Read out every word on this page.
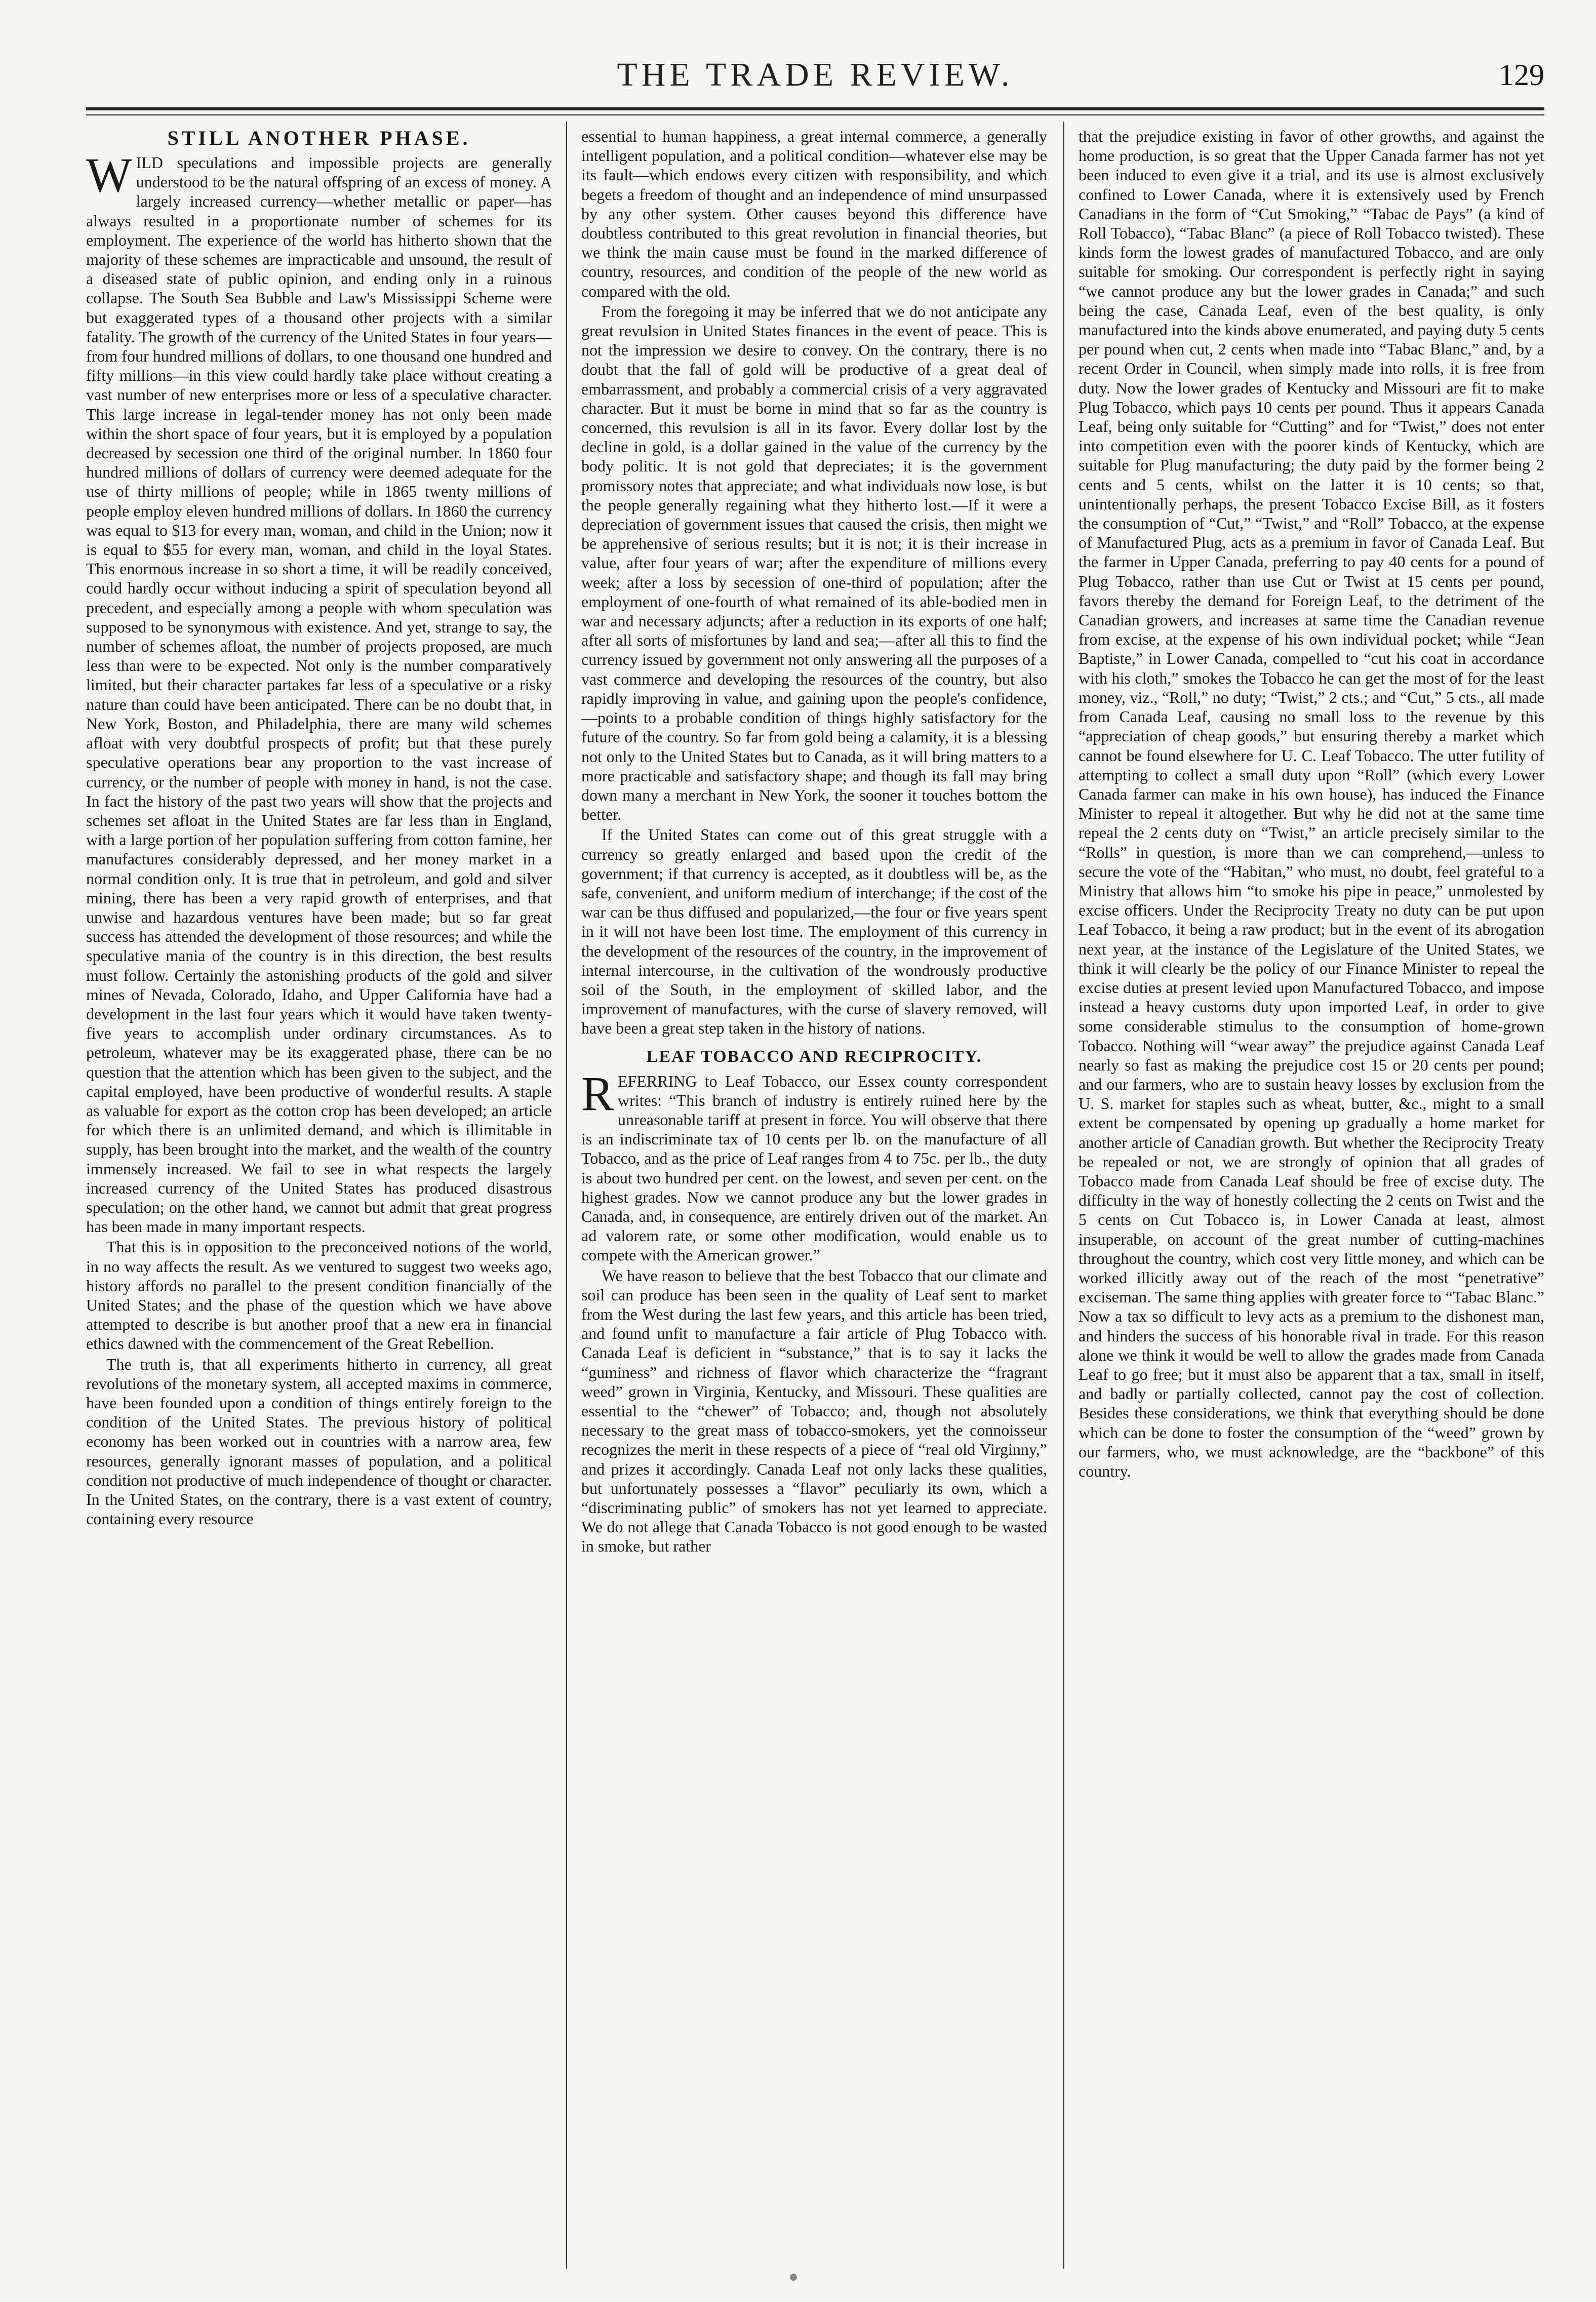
THE TRADE REVIEW.	129
STILL ANOTHER PHASE.

WILD speculations and impossible projects are generally understood to be the natural offspring of an excess of money. A largely increased currency—whether metallic or paper—has always resulted in a proportionate number of schemes for its employment. The experience of the world has hitherto shown that the majority of these schemes are impracticable and unsound, the result of a diseased state of public opinion, and ending only in a ruinous collapse. The South Sea Bubble and Law's Mississippi Scheme were but exaggerated types of a thousand other projects with a similar fatality. The growth of the currency of the United States in four years—from four hundred millions of dollars, to one thousand one hundred and fifty millions—in this view could hardly take place without creating a vast number of new enterprises more or less of a speculative character. This large increase in legal-tender money has not only been made within the short space of four years, but it is employed by a population decreased by secession one third of the original number. In 1860 four hundred millions of dollars of currency were deemed adequate for the use of thirty millions of people; while in 1865 twenty millions of people employ eleven hundred millions of dollars. In 1860 the currency was equal to $13 for every man, woman, and child in the Union; now it is equal to $55 for every man, woman, and child in the loyal States. This enormous increase in so short a time, it will be readily conceived, could hardly occur without inducing a spirit of speculation beyond all precedent, and especially among a people with whom speculation was supposed to be synonymous with existence. And yet, strange to say, the number of schemes afloat, the number of projects proposed, are much less than were to be expected. Not only is the number comparatively limited, but their character partakes far less of a speculative or a risky nature than could have been anticipated. There can be no doubt that, in New York, Boston, and Philadelphia, there are many wild schemes afloat with very doubtful prospects of profit; but that these purely speculative operations bear any proportion to the vast increase of currency, or the number of people with money in hand, is not the case. In fact the history of the past two years will show that the projects and schemes set afloat in the United States are far less than in England, with a large portion of her population suffering from cotton famine, her manufactures considerably depressed, and her money market in a normal condition only. It is true that in petroleum, and gold and silver mining, there has been a very rapid growth of enterprises, and that unwise and hazardous ventures have been made; but so far great success has attended the development of those resources; and while the speculative mania of the country is in this direction, the best results must follow. Certainly the astonishing products of the gold and silver mines of Nevada, Colorado, Idaho, and Upper California have had a development in the last four years which it would have taken twenty-five years to accomplish under ordinary circumstances. As to petroleum, whatever may be its exaggerated phase, there can be no question that the attention which has been given to the subject, and the capital employed, have been productive of wonderful results. A staple as valuable for export as the cotton crop has been developed; an article for which there is an unlimited demand, and which is illimitable in supply, has been brought into the market, and the wealth of the country immensely increased. We fail to see in what respects the largely increased currency of the United States has produced disastrous speculation; on the other hand, we cannot but admit that great progress has been made in many important respects.

That this is in opposition to the preconceived notions of the world, in no way affects the result. As we ventured to suggest two weeks ago, history affords no parallel to the present condition financially of the United States; and the phase of the question which we have above attempted to describe is but another proof that a new era in financial ethics dawned with the commencement of the Great Rebellion.

The truth is, that all experiments hitherto in currency, all great revolutions of the monetary system, all accepted maxims in commerce, have been founded upon a condition of things entirely foreign to the condition of the United States. The previous history of political economy has been worked out in countries with a narrow area, few resources, generally ignorant masses of population, and a political condition not productive of much independence of thought or character. In the United States, on the contrary, there is a vast extent of country, containing every resource

essential to human happiness, a great internal commerce, a generally intelligent population, and a political condition—whatever else may be its fault—which endows every citizen with responsibility, and which begets a freedom of thought and an independence of mind unsurpassed by any other system. Other causes beyond this difference have doubtless contributed to this great revolution in financial theories, but we think the main cause must be found in the marked difference of country, resources, and condition of the people of the new world as compared with the old.

From the foregoing it may be inferred that we do not anticipate any great revulsion in United States finances in the event of peace. This is not the impression we desire to convey. On the contrary, there is no doubt that the fall of gold will be productive of a great deal of embarrassment, and probably a commercial crisis of a very aggravated character. But it must be borne in mind that so far as the country is concerned, this revulsion is all in its favor. Every dollar lost by the decline in gold, is a dollar gained in the value of the currency by the body politic. It is not gold that depreciates; it is the government promissory notes that appreciate; and what individuals now lose, is but the people generally regaining what they hitherto lost.—If it were a depreciation of government issues that caused the crisis, then might we be apprehensive of serious results; but it is not; it is their increase in value, after four years of war; after the expenditure of millions every week; after a loss by secession of one-third of population; after the employment of one-fourth of what remained of its able-bodied men in war and necessary adjuncts; after a reduction in its exports of one half; after all sorts of misfortunes by land and sea;—after all this to find the currency issued by government not only answering all the purposes of a vast commerce and developing the resources of the country, but also rapidly improving in value, and gaining upon the people's confidence,—points to a probable condition of things highly satisfactory for the future of the country. So far from gold being a calamity, it is a blessing not only to the United States but to Canada, as it will bring matters to a more practicable and satisfactory shape; and though its fall may bring down many a merchant in New York, the sooner it touches bottom the better.

If the United States can come out of this great struggle with a currency so greatly enlarged and based upon the credit of the government; if that currency is accepted, as it doubtless will be, as the safe, convenient, and uniform medium of interchange; if the cost of the war can be thus diffused and popularized,—the four or five years spent in it will not have been lost time. The employment of this currency in the development of the resources of the country, in the improvement of internal intercourse, in the cultivation of the wondrously productive soil of the South, in the employment of skilled labor, and the improvement of manufactures, with the curse of slavery removed, will have been a great step taken in the history of nations.

LEAF TOBACCO AND RECIPROCITY.

REFERRING to Leaf Tobacco, our Essex county correspondent writes: “This branch of industry is entirely ruined here by the unreasonable tariff at present in force. You will observe that there is an indiscriminate tax of 10 cents per lb. on the manufacture of all Tobacco, and as the price of Leaf ranges from 4 to 75c. per lb., the duty is about two hundred per cent. on the lowest, and seven per cent. on the highest grades. Now we cannot produce any but the lower grades in Canada, and, in consequence, are entirely driven out of the market. An ad valorem rate, or some other modification, would enable us to compete with the American grower.”

We have reason to believe that the best Tobacco that our climate and soil can produce has been seen in the quality of Leaf sent to market from the West during the last few years, and this article has been tried, and found unfit to manufacture a fair article of Plug Tobacco with. Canada Leaf is deficient in “substance,” that is to say it lacks the “guminess” and richness of flavor which characterize the “fragrant weed” grown in Virginia, Kentucky, and Missouri. These qualities are essential to the “chewer” of Tobacco; and, though not absolutely necessary to the great mass of tobacco-smokers, yet the connoisseur recognizes the merit in these respects of a piece of “real old Virginny,” and prizes it accordingly. Canada Leaf not only lacks these qualities, but unfortunately possesses a “flavor” peculiarly its own, which a “discriminating public” of smokers has not yet learned to appreciate. We do not allege that Canada Tobacco is not good enough to be wasted in smoke, but rather

that the prejudice existing in favor of other growths, and against the home production, is so great that the Upper Canada farmer has not yet been induced to even give it a trial, and its use is almost exclusively confined to Lower Canada, where it is extensively used by French Canadians in the form of “Cut Smoking,” “Tabac de Pays” (a kind of Roll Tobacco), “Tabac Blanc” (a piece of Roll Tobacco twisted). These kinds form the lowest grades of manufactured Tobacco, and are only suitable for smoking. Our correspondent is perfectly right in saying “we cannot produce any but the lower grades in Canada;” and such being the case, Canada Leaf, even of the best quality, is only manufactured into the kinds above enumerated, and paying duty 5 cents per pound when cut, 2 cents when made into “Tabac Blanc,” and, by a recent Order in Council, when simply made into rolls, it is free from duty. Now the lower grades of Kentucky and Missouri are fit to make Plug Tobacco, which pays 10 cents per pound. Thus it appears Canada Leaf, being only suitable for “Cutting” and for “Twist,” does not enter into competition even with the poorer kinds of Kentucky, which are suitable for Plug manufacturing; the duty paid by the former being 2 cents and 5 cents, whilst on the latter it is 10 cents; so that, unintentionally perhaps, the present Tobacco Excise Bill, as it fosters the consumption of “Cut,” “Twist,” and “Roll” Tobacco, at the expense of Manufactured Plug, acts as a premium in favor of Canada Leaf. But the farmer in Upper Canada, preferring to pay 40 cents for a pound of Plug Tobacco, rather than use Cut or Twist at 15 cents per pound, favors thereby the demand for Foreign Leaf, to the detriment of the Canadian growers, and increases at same time the Canadian revenue from excise, at the expense of his own individual pocket; while “Jean Baptiste,” in Lower Canada, compelled to “cut his coat in accordance with his cloth,” smokes the Tobacco he can get the most of for the least money, viz., “Roll,” no duty; “Twist,” 2 cts.; and “Cut,” 5 cts., all made from Canada Leaf, causing no small loss to the revenue by this “appreciation of cheap goods,” but ensuring thereby a market which cannot be found elsewhere for U. C. Leaf Tobacco. The utter futility of attempting to collect a small duty upon “Roll” (which every Lower Canada farmer can make in his own house), has induced the Finance Minister to repeal it altogether. But why he did not at the same time repeal the 2 cents duty on “Twist,” an article precisely similar to the “Rolls” in question, is more than we can comprehend,—unless to secure the vote of the “Habitan,” who must, no doubt, feel grateful to a Ministry that allows him “to smoke his pipe in peace,” unmolested by excise officers. Under the Reciprocity Treaty no duty can be put upon Leaf Tobacco, it being a raw product; but in the event of its abrogation next year, at the instance of the Legislature of the United States, we think it will clearly be the policy of our Finance Minister to repeal the excise duties at present levied upon Manufactured Tobacco, and impose instead a heavy customs duty upon imported Leaf, in order to give some considerable stimulus to the consumption of home-grown Tobacco. Nothing will “wear away” the prejudice against Canada Leaf nearly so fast as making the prejudice cost 15 or 20 cents per pound; and our farmers, who are to sustain heavy losses by exclusion from the U. S. market for staples such as wheat, butter, &c., might to a small extent be compensated by opening up gradually a home market for another article of Canadian growth. But whether the Reciprocity Treaty be repealed or not, we are strongly of opinion that all grades of Tobacco made from Canada Leaf should be free of excise duty. The difficulty in the way of honestly collecting the 2 cents on Twist and the 5 cents on Cut Tobacco is, in Lower Canada at least, almost insuperable, on account of the great number of cutting-machines throughout the country, which cost very little money, and which can be worked illicitly away out of the reach of the most “penetrative” exciseman. The same thing applies with greater force to “Tabac Blanc.” Now a tax so difficult to levy acts as a premium to the dishonest man, and hinders the success of his honorable rival in trade. For this reason alone we think it would be well to allow the grades made from Canada Leaf to go free; but it must also be apparent that a tax, small in itself, and badly or partially collected, cannot pay the cost of collection. Besides these considerations, we think that everything should be done which can be done to foster the consumption of the “weed” grown by our farmers, who, we must acknowledge, are the “backbone” of this country.
